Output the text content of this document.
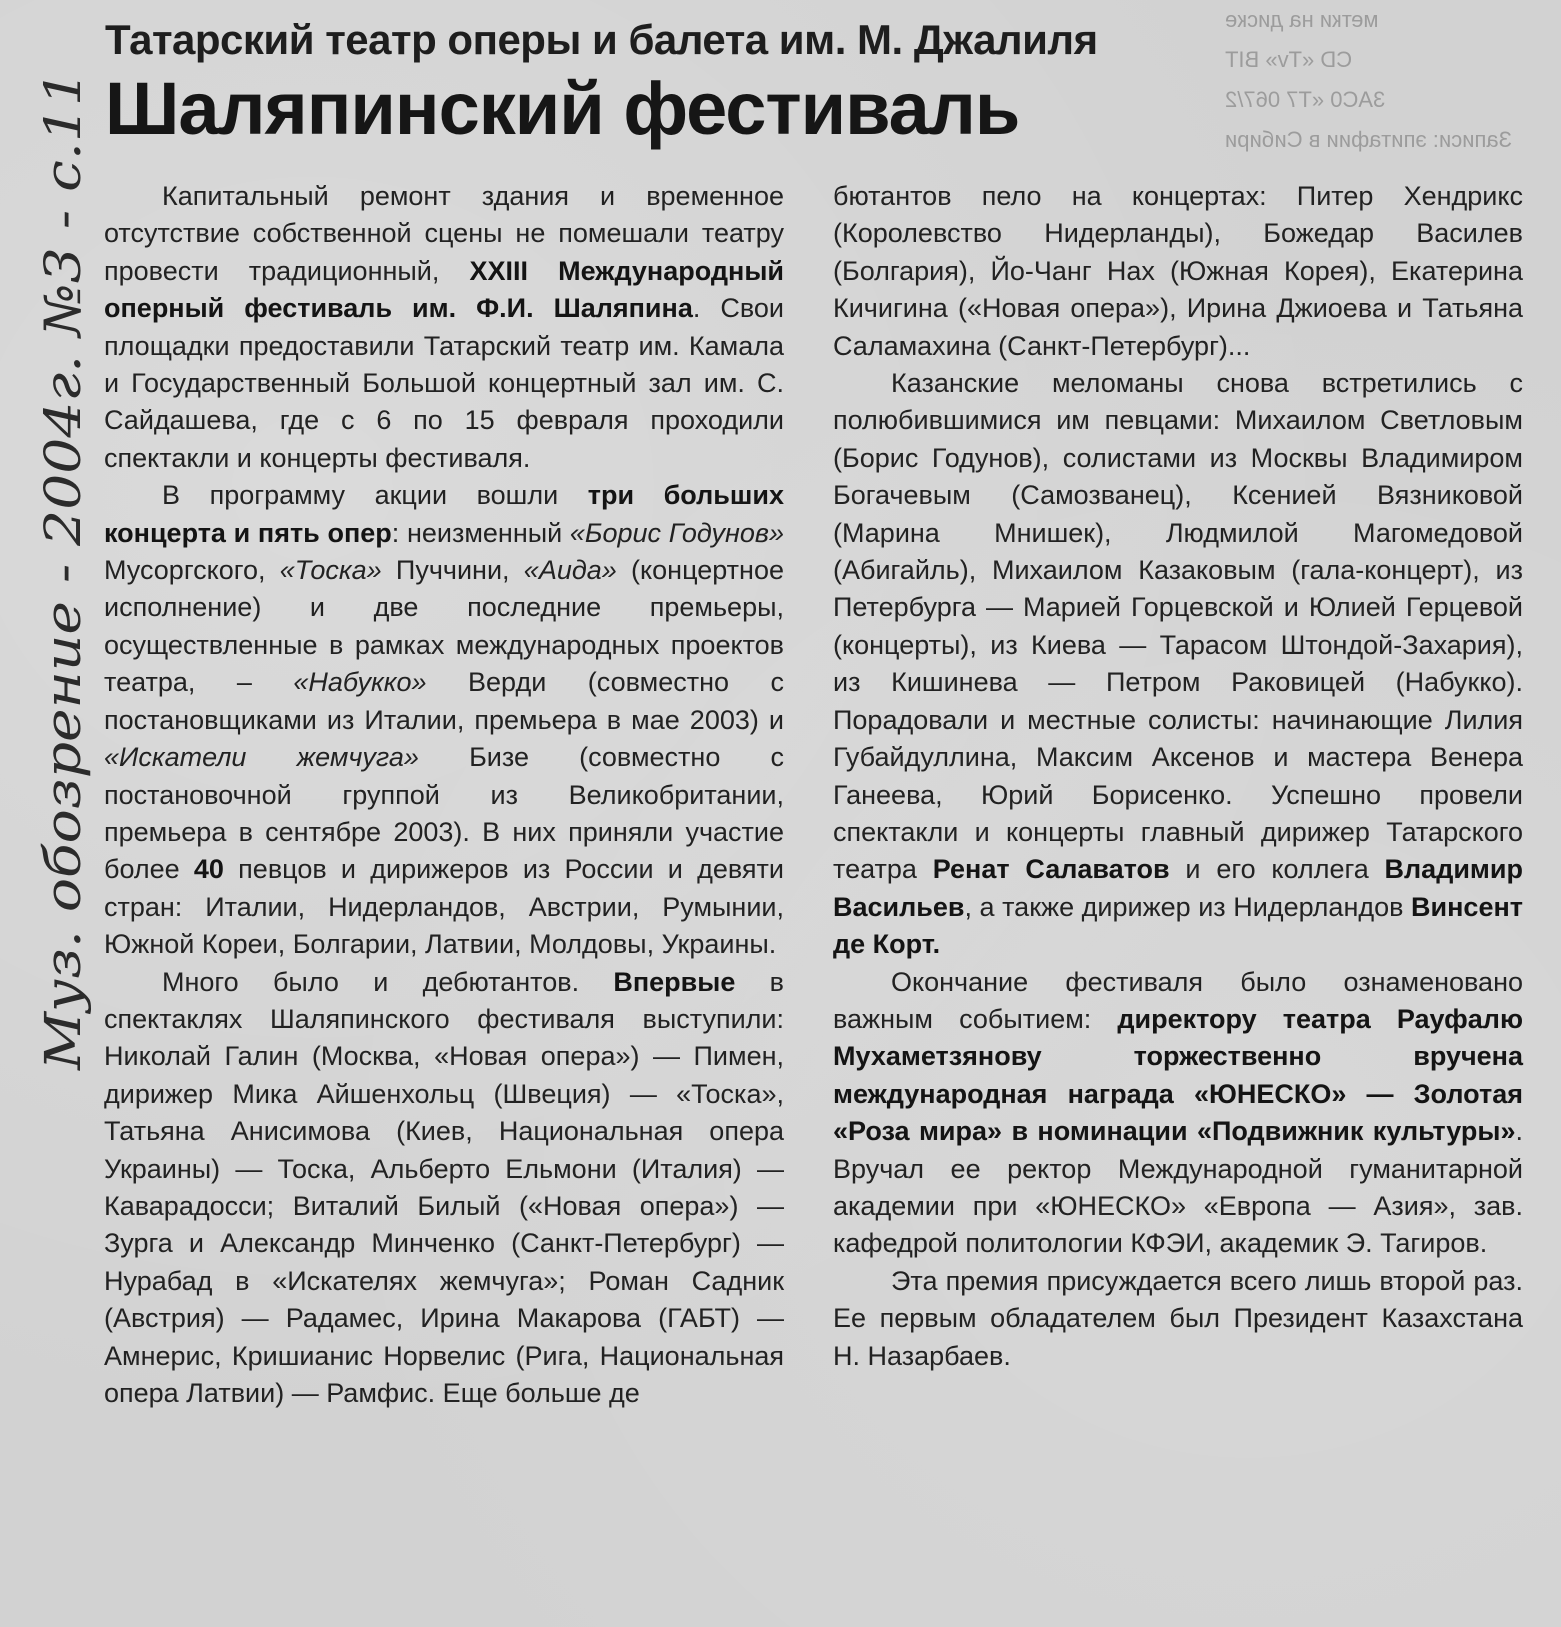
метки на диске
CD «Tv» BIT
3AC0 «T7 067/2
Записи: эпитафии в Сибири
Муз. обозрение - 2004г. №3 - с.11
Татарский театр оперы и балета им. М. Джалиля
Шаляпинский фестиваль

Капитальный ремонт здания и временное отсутствие собственной сцены не помешали театру провести традиционный, XXIII Международный оперный фестиваль им. Ф.И. Шаляпина. Свои площадки предоставили Татарский театр им. Камала и Государственный Большой концертный зал им. С. Сайдашева, где с 6 по 15 февраля проходили спектакли и концерты фестиваля.

В программу акции вошли три больших концерта и пять опер: неизменный «Борис Годунов» Мусоргского, «Тоска» Пуччини, «Аида» (концертное исполнение) и две последние премьеры, осуществленные в рамках международных проектов театра, – «Набукко» Верди (совместно с постановщиками из Италии, премьера в мае 2003) и «Искатели жемчуга» Бизе (совместно с постановочной группой из Великобритании, премьера в сентябре 2003). В них приняли участие более 40 певцов и дирижеров из России и девяти стран: Италии, Нидерландов, Австрии, Румынии, Южной Кореи, Болгарии, Латвии, Молдовы, Украины.

Много было и дебютантов. Впервые в спектаклях Шаляпинского фестиваля выступили: Николай Галин (Москва, «Новая опера») — Пимен, дирижер Мика Айшенхольц (Швеция) — «Тоска», Татьяна Анисимова (Киев, Национальная опера Украины) — Тоска, Альберто Ельмони (Италия) — Каварадосси; Виталий Билый («Новая опера») — Зурга и Александр Минченко (Санкт-Петербург) — Нурабад в «Искателях жемчуга»; Роман Садник (Австрия) — Радамес, Ирина Макарова (ГАБТ) — Амнерис, Кришианис Норвелис (Рига, Национальная опера Латвии) — Рамфис. Еще больше де

бютантов пело на концертах: Питер Хендрикс (Королевство Нидерланды), Божедар Василев (Болгария), Йо-Чанг Нах (Южная Корея), Екатерина Кичигина («Новая опера»), Ирина Джиоева и Татьяна Саламахина (Санкт-Петербург)...

Казанские меломаны снова встретились с полюбившимися им певцами: Михаилом Светловым (Борис Годунов), солистами из Москвы Владимиром Богачевым (Самозванец), Ксенией Вязниковой (Марина Мнишек), Людмилой Магомедовой (Абигайль), Михаилом Казаковым (гала-концерт), из Петербурга — Марией Горцевской и Юлией Герцевой (концерты), из Киева — Тарасом Штондой-Захария), из Кишинева — Петром Раковицей (Набукко). Порадовали и местные солисты: начинающие Лилия Губайдуллина, Максим Аксенов и мастера Венера Ганеева, Юрий Борисенко. Успешно провели спектакли и концерты главный дирижер Татарского театра Ренат Салаватов и его коллега Владимир Васильев, а также дирижер из Нидерландов Винсент де Корт.

Окончание фестиваля было ознаменовано важным событием: директору театра Рауфалю Мухаметзянову торжественно вручена международная награда «ЮНЕСКО» — Золотая «Роза мира» в номинации «Подвижник культуры». Вручал ее ректор Международной гуманитарной академии при «ЮНЕСКО» «Европа — Азия», зав. кафедрой политологии КФЭИ, академик Э. Тагиров.

Эта премия присуждается всего лишь второй раз. Ее первым обладателем был Президент Казахстана Н. Назарбаев.
